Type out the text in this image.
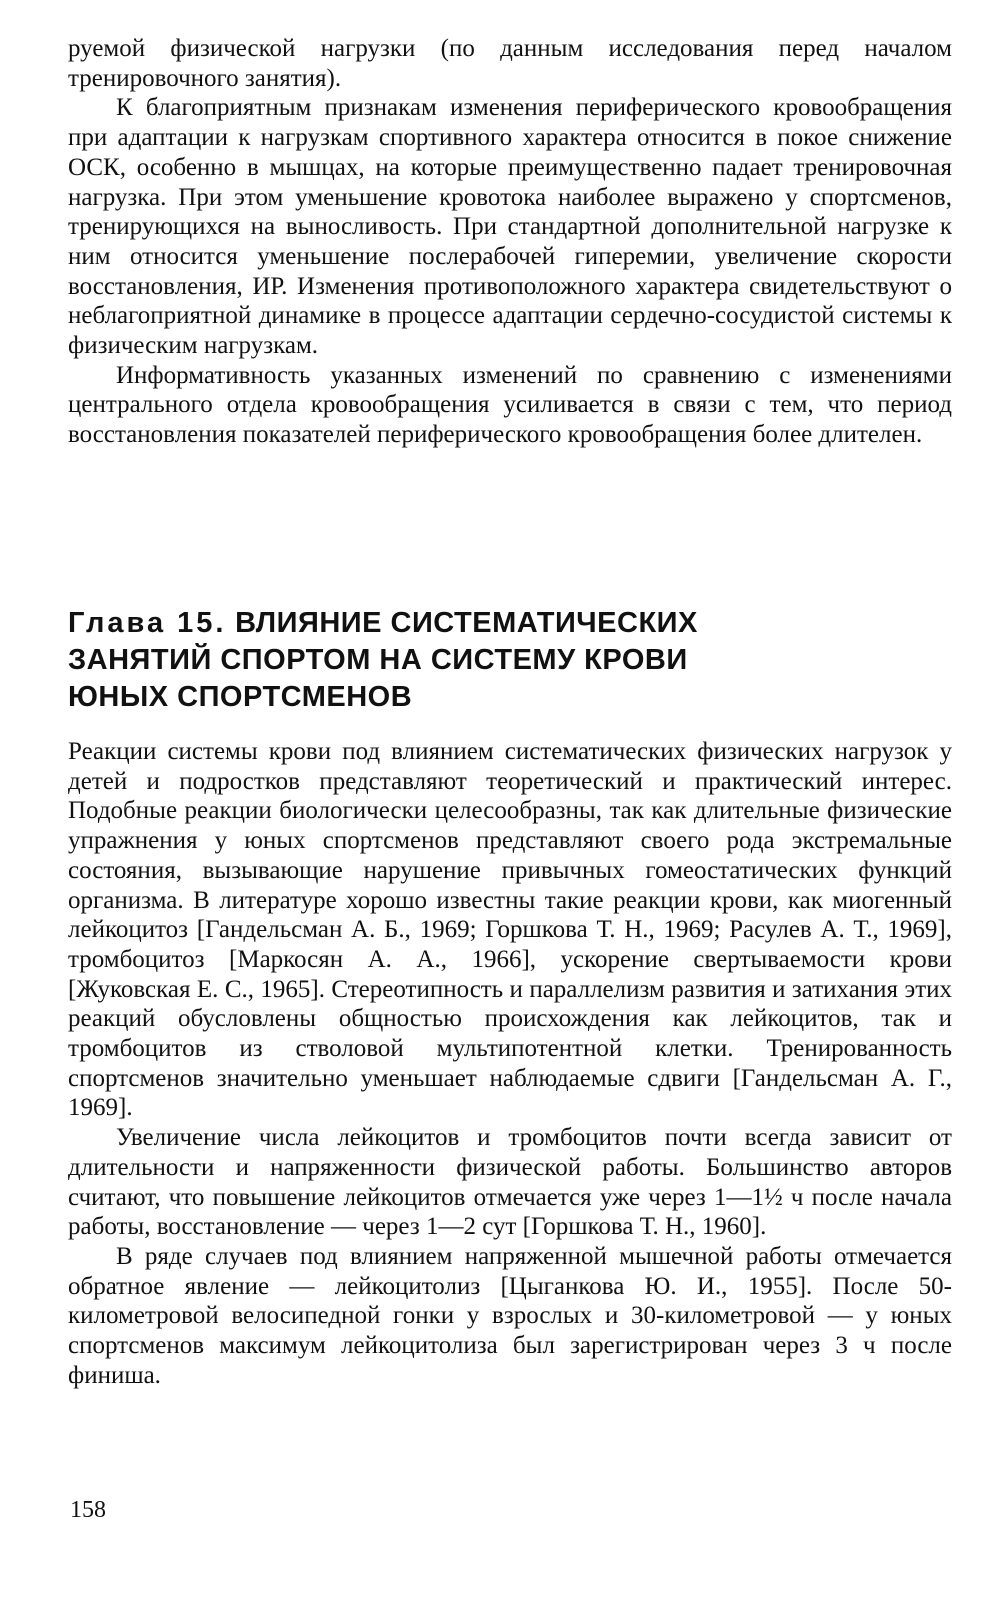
руемой физической нагрузки (по данным исследования перед началом тренировочного занятия).

К благоприятным признакам изменения периферического кровообращения при адаптации к нагрузкам спортивного характера относится в покое снижение ОСК, особенно в мышцах, на которые преимущественно падает тренировочная нагрузка. При этом уменьшение кровотока наиболее выражено у спортсменов, тренирующихся на выносливость. При стандартной дополнительной нагрузке к ним относится уменьшение послерабочей гиперемии, увеличение скорости восстановления, ИР. Изменения противоположного характера свидетельствуют о неблагоприятной динамике в процессе адаптации сердечно-сосудистой системы к физическим нагрузкам.

Информативность указанных изменений по сравнению с изменениями центрального отдела кровообращения усиливается в связи с тем, что период восстановления показателей периферического кровообращения более длителен.

Глава 15. ВЛИЯНИЕ СИСТЕМАТИЧЕСКИХ
ЗАНЯТИЙ СПОРТОМ НА СИСТЕМУ КРОВИ
ЮНЫХ СПОРТСМЕНОВ

Реакции системы крови под влиянием систематических физических нагрузок у детей и подростков представляют теоретический и практический интерес. Подобные реакции биологически целесообразны, так как длительные физические упражнения у юных спортсменов представляют своего рода экстремальные состояния, вызывающие нарушение привычных гомеостатических функций организма. В литературе хорошо известны такие реакции крови, как миогенный лейкоцитоз [Гандельсман А. Б., 1969; Горшкова Т. Н., 1969; Расулев А. Т., 1969], тромбоцитоз [Маркосян А. А., 1966], ускорение свертываемости крови [Жуковская Е. С., 1965]. Стереотипность и параллелизм развития и затихания этих реакций обусловлены общностью происхождения как лейкоцитов, так и тромбоцитов из стволовой мультипотентной клетки. Тренированность спортсменов значительно уменьшает наблюдаемые сдвиги [Гандельсман А. Г., 1969].

Увеличение числа лейкоцитов и тромбоцитов почти всегда зависит от длительности и напряженности физической работы. Большинство авторов считают, что повышение лейкоцитов отмечается уже через 1—1½ ч после начала работы, восстановление — через 1—2 сут [Горшкова Т. Н., 1960].

В ряде случаев под влиянием напряженной мышечной работы отмечается обратное явление — лейкоцитолиз [Цыганкова Ю. И., 1955]. После 50-километровой велосипедной гонки у взрослых и 30-километровой — у юных спортсменов максимум лейкоцитолиза был зарегистрирован через 3 ч после финиша.

158
